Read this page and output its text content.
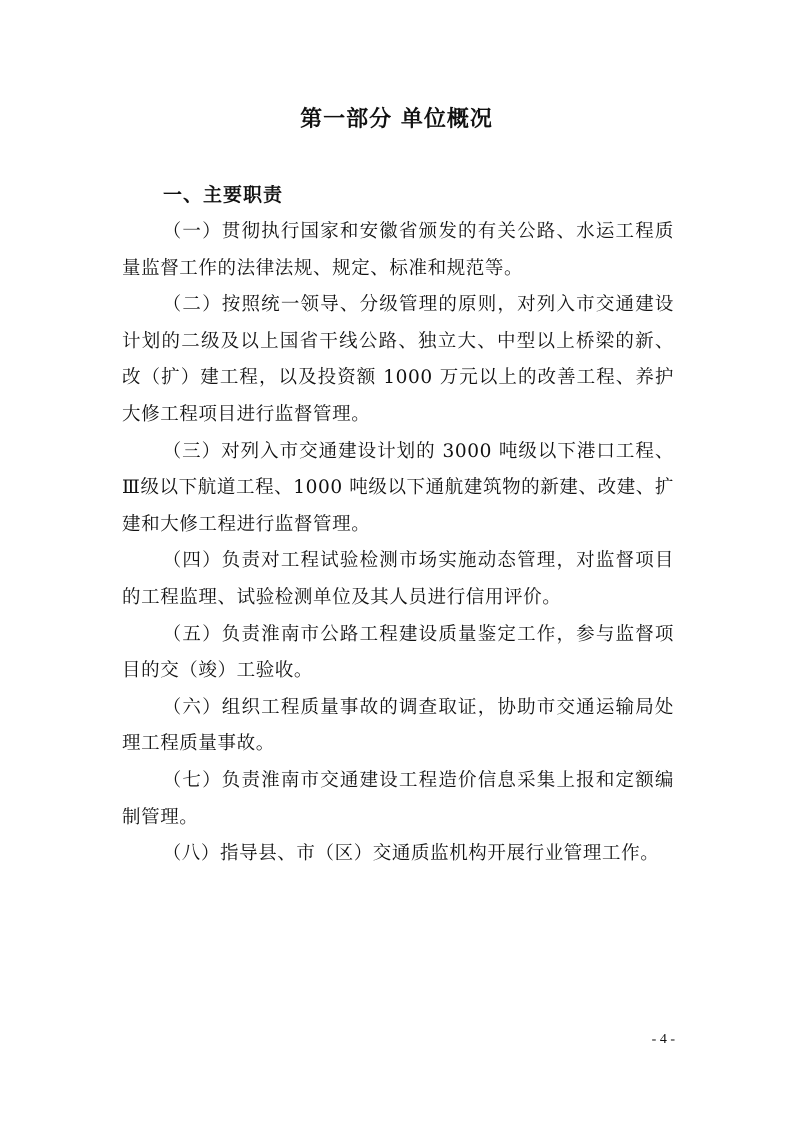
第一部分 单位概况
一、主要职责

（一）贯彻执行国家和安徽省颁发的有关公路、水运工程质量监督工作的法律法规、规定、标准和规范等。

（二）按照统一领导、分级管理的原则，对列入市交通建设计划的二级及以上国省干线公路、独立大、中型以上桥梁的新、改（扩）建工程，以及投资额 1000 万元以上的改善工程、养护大修工程项目进行监督管理。

（三）对列入市交通建设计划的 3000 吨级以下港口工程、Ⅲ级以下航道工程、1000 吨级以下通航建筑物的新建、改建、扩建和大修工程进行监督管理。

（四）负责对工程试验检测市场实施动态管理，对监督项目的工程监理、试验检测单位及其人员进行信用评价。

（五）负责淮南市公路工程建设质量鉴定工作，参与监督项目的交（竣）工验收。

（六）组织工程质量事故的调查取证，协助市交通运输局处理工程质量事故。

（七）负责淮南市交通建设工程造价信息采集上报和定额编制管理。

（八）指导县、市（区）交通质监机构开展行业管理工作。

- 4 -
